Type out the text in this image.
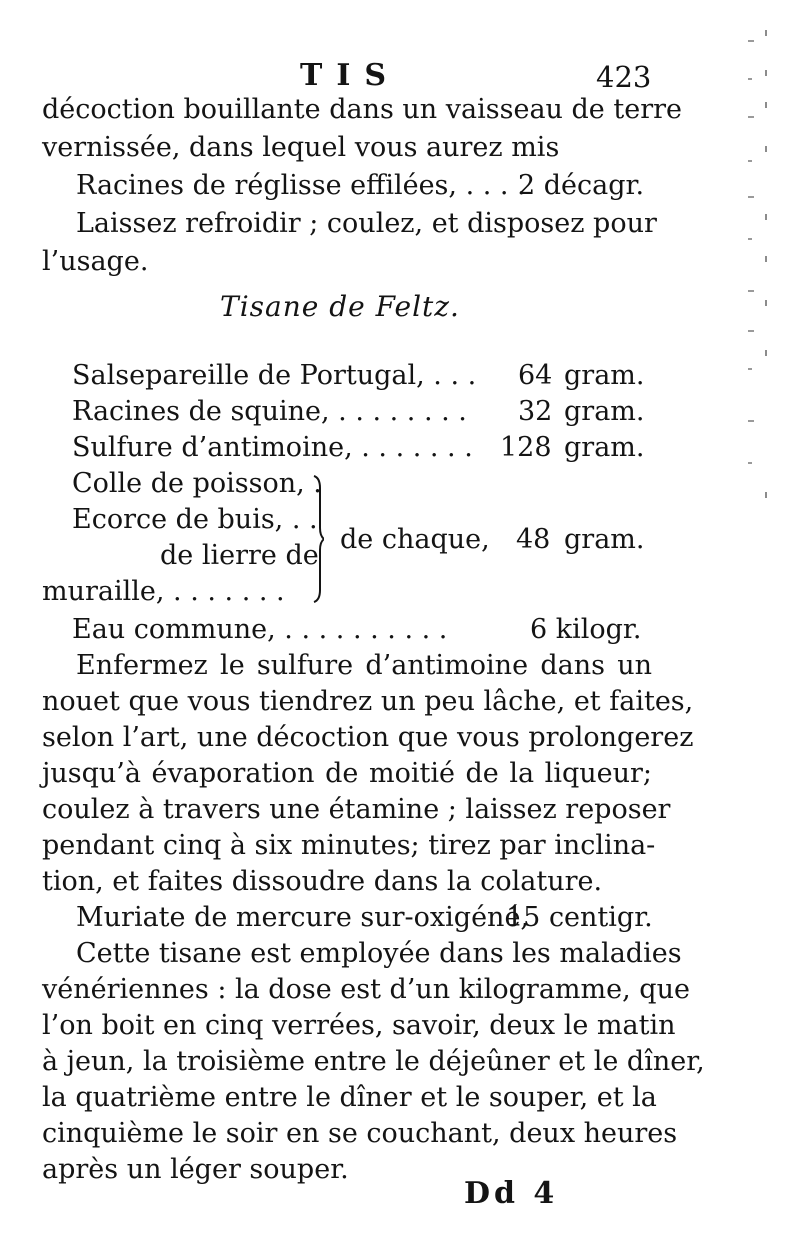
TIS	423
décoction bouillante dans un vaisseau de terre
vernissée, dans lequel vous aurez mis
Racines de réglisse effilées, . . . .
2 décagr.
Laissez refroidir ; coulez, et disposez pour
l’usage.
Tisane de Feltz.
Salsepareille de Portugal, . . . 64 gram.
Racines de squine, . . . . . . . . 32 gram.
Sulfure d’antimoine, . . . . . . . 128 gram.
Colle de poisson, .
Ecorce de buis, . .
de lierre de
muraille, . . . . . . .
de chaque, 48 gram.
Eau commune, . . . . . . . . . .	6 kilogr.
Enfermez le sulfure d’antimoine dans un
nouet que vous tiendrez un peu lâche, et faites,
selon l’art, une décoction que vous prolongerez
jusqu’à évaporation de moitié de la liqueur;
coulez à travers une étamine ; laissez reposer
pendant cinq à six minutes; tirez par inclina-
tion, et faites dissoudre dans la colature.
Muriate de mercure sur-oxigéné,
15 centigr.
Cette tisane est employée dans les maladies
vénériennes : la dose est d’un kilogramme, que
l’on boit en cinq verrées, savoir, deux le matin
à jeun, la troisième entre le déjeûner et le dîner,
la quatrième entre le dîner et le souper, et la
cinquième le soir en se couchant, deux heures
après un léger souper.
Dd 4
